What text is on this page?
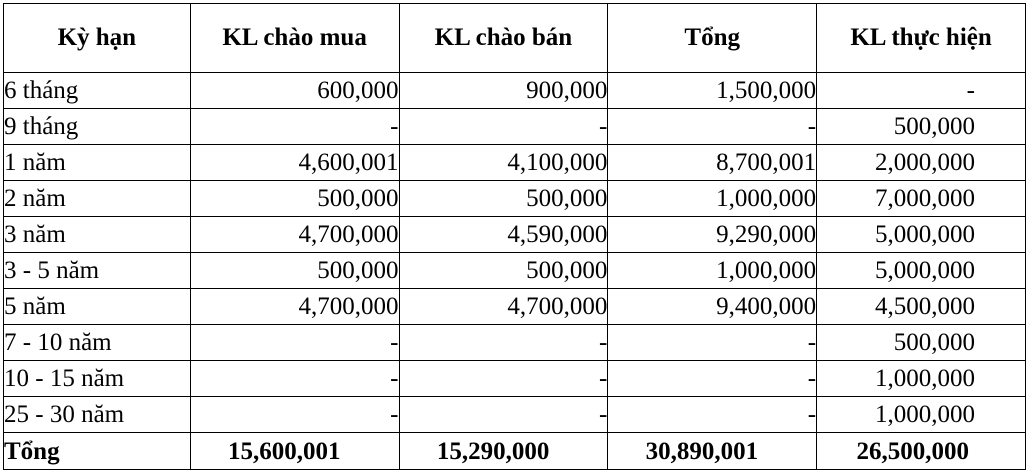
Kỳ hạn	KL chào mua	KL chào bán	Tổng	KL thực hiện
6 tháng	600,000	900,000	1,500,000	-
9 tháng	-	-	-	500,000
1 năm	4,600,001	4,100,000	8,700,001	2,000,000
2 năm	500,000	500,000	1,000,000	7,000,000
3 năm	4,700,000	4,590,000	9,290,000	5,000,000
3 - 5 năm	500,000	500,000	1,000,000	5,000,000
5 năm	4,700,000	4,700,000	9,400,000	4,500,000
7 - 10 năm	-	-	-	500,000
10 - 15 năm	-	-	-	1,000,000
25 - 30 năm	-	-	-	1,000,000
Tổng	15,600,001	15,290,000	30,890,001	26,500,000
